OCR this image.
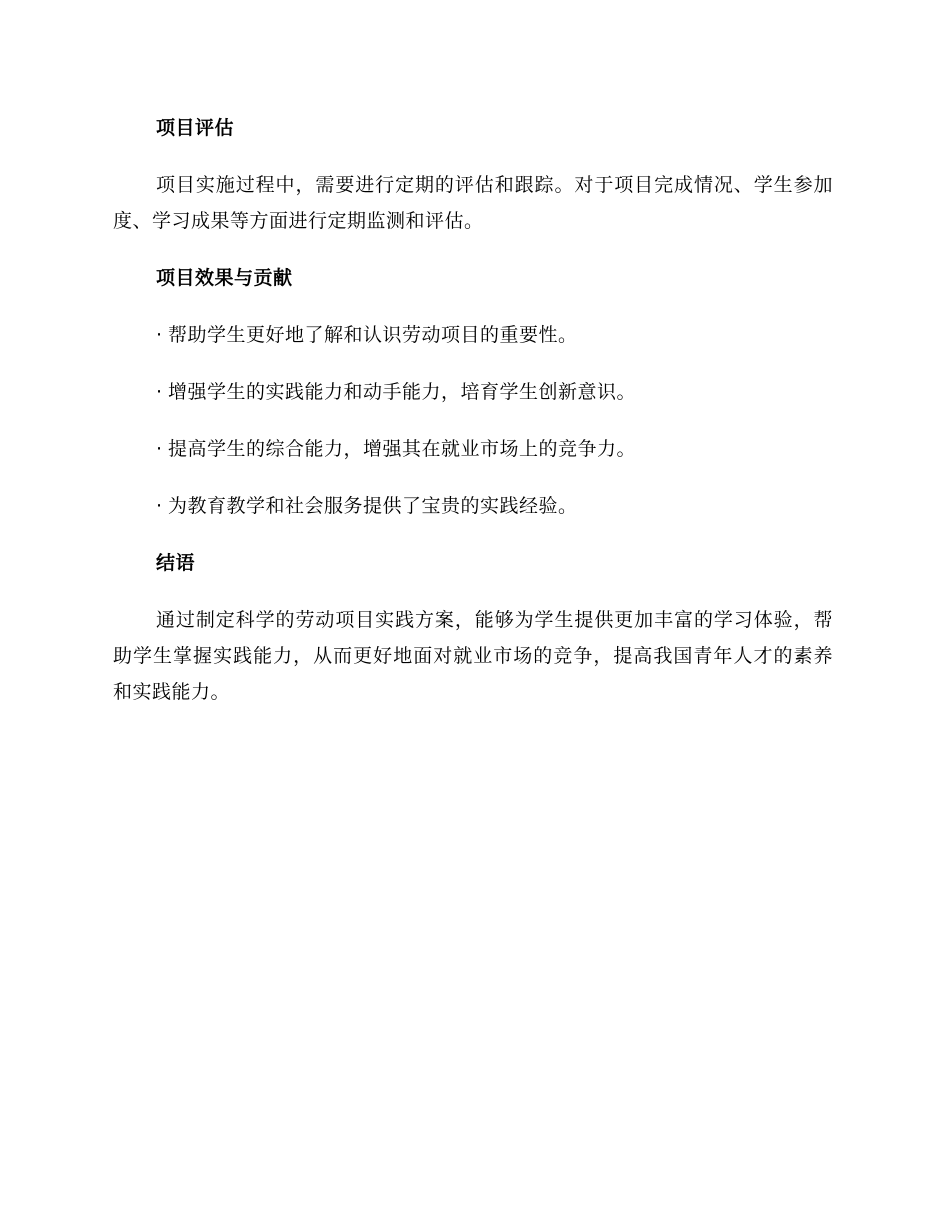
项目评估
项目实施过程中，需要进行定期的评估和跟踪。对于项目完成情况、学生参加度、学习成果等方面进行定期监测和评估。
项目效果与贡献
· 帮助学生更好地了解和认识劳动项目的重要性。
· 增强学生的实践能力和动手能力，培育学生创新意识。
· 提高学生的综合能力，增强其在就业市场上的竞争力。
· 为教育教学和社会服务提供了宝贵的实践经验。
结语
通过制定科学的劳动项目实践方案，能够为学生提供更加丰富的学习体验，帮助学生掌握实践能力，从而更好地面对就业市场的竞争，提高我国青年人才的素养和实践能力。
